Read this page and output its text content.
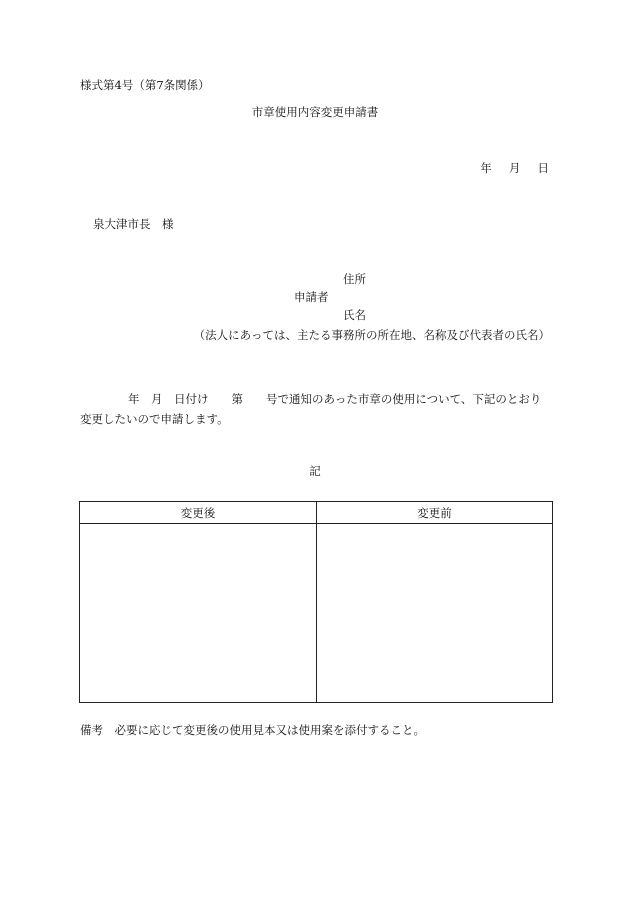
様式第4号（第7条関係）
市章使用内容変更申請書
年　 月　 日
泉大津市長　様
住所
申請者
氏名
（法人にあっては、主たる事務所の所在地、名称及び代表者の氏名）
年　月　日付け　　第　　号で通知のあった市章の使用について、下記のとおり変更したいので申請します。
記
変更後	変更前

備考　必要に応じて変更後の使用見本又は使用案を添付すること。
